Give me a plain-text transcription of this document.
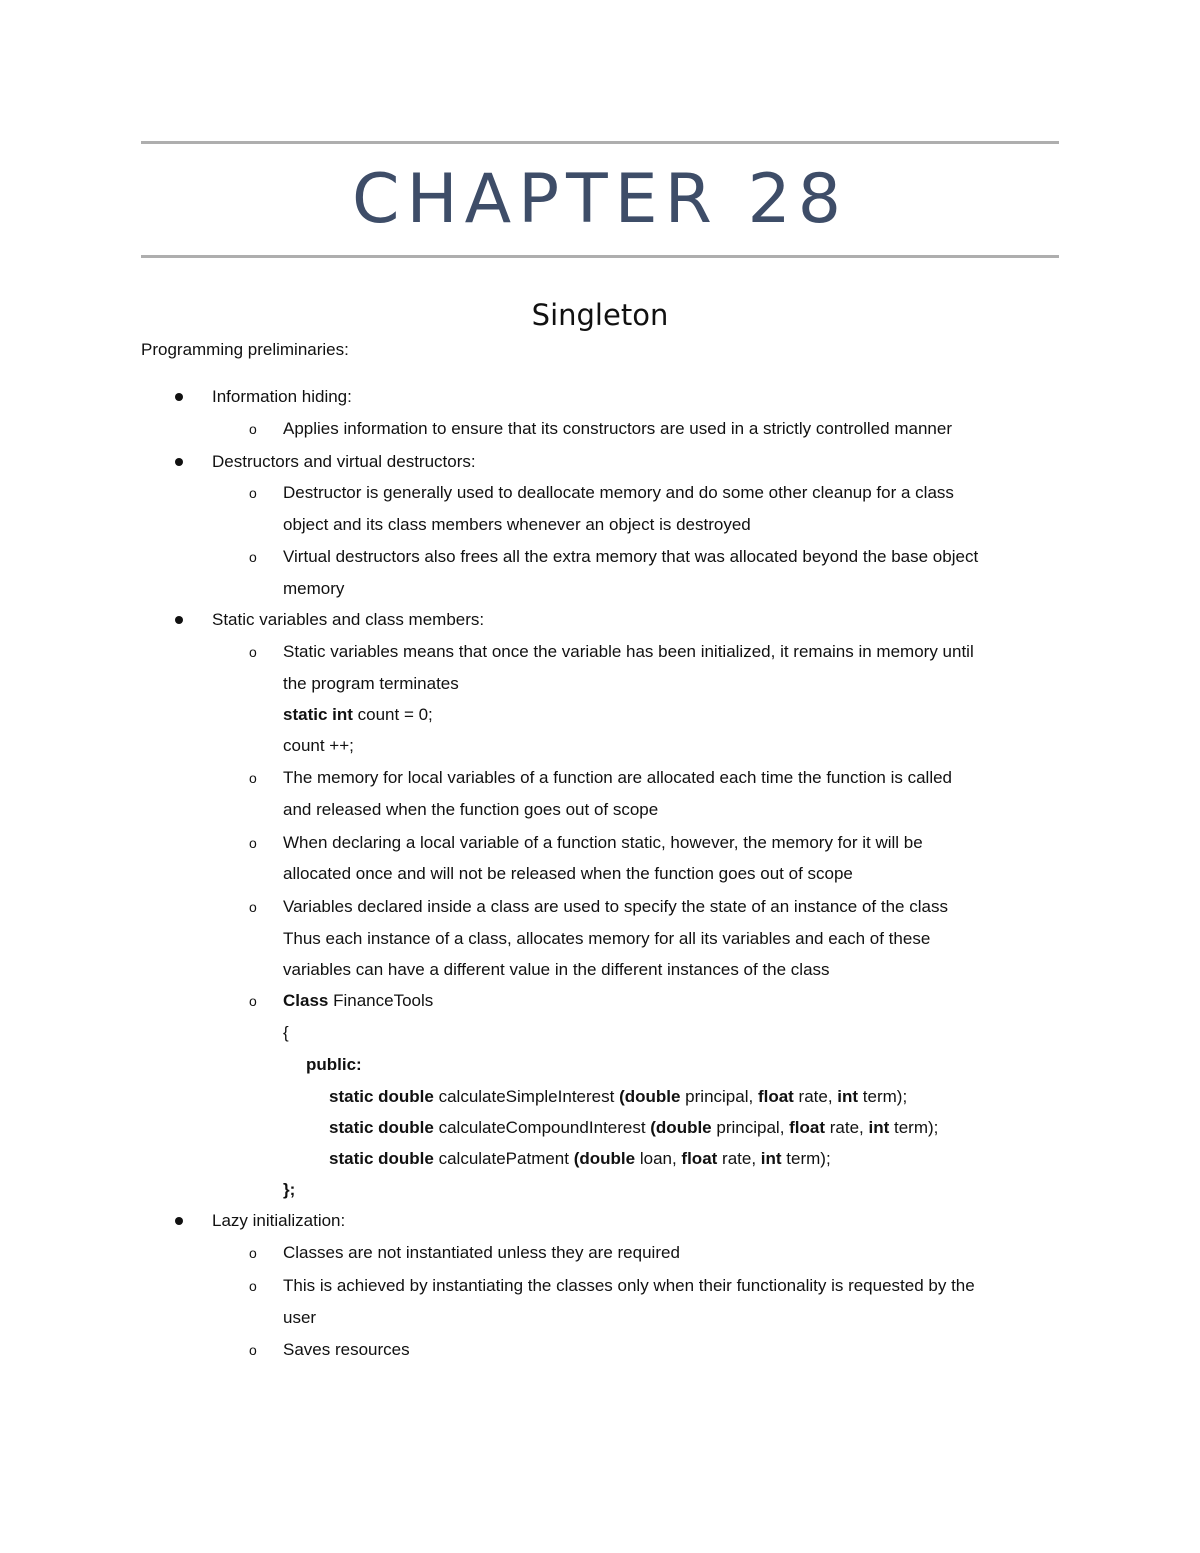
CHAPTER 28
Singleton
Programming preliminaries:
Information hiding:
o Applies information to ensure that its constructors are used in a strictly controlled manner
Destructors and virtual destructors:
o Destructor is generally used to deallocate memory and do some other cleanup for a class
object and its class members whenever an object is destroyed
o Virtual destructors also frees all the extra memory that was allocated beyond the base object
memory
Static variables and class members:
o Static variables means that once the variable has been initialized, it remains in memory until
the program terminates
static int count = 0;
count ++;
o The memory for local variables of a function are allocated each time the function is called
and released when the function goes out of scope
o When declaring a local variable of a function static, however, the memory for it will be
allocated once and will not be released when the function goes out of scope
o Variables declared inside a class are used to specify the state of an instance of the class
Thus each instance of a class, allocates memory for all its variables and each of these
variables can have a different value in the different instances of the class
o Class FinanceTools
{
public:
static double calculateSimpleInterest (double principal, float rate, int term);
static double calculateCompoundInterest (double principal, float rate, int term);
static double calculatePatment (double loan, float rate, int term);
};
Lazy initialization:
o Classes are not instantiated unless they are required
o This is achieved by instantiating the classes only when their functionality is requested by the
user
o Saves resources
